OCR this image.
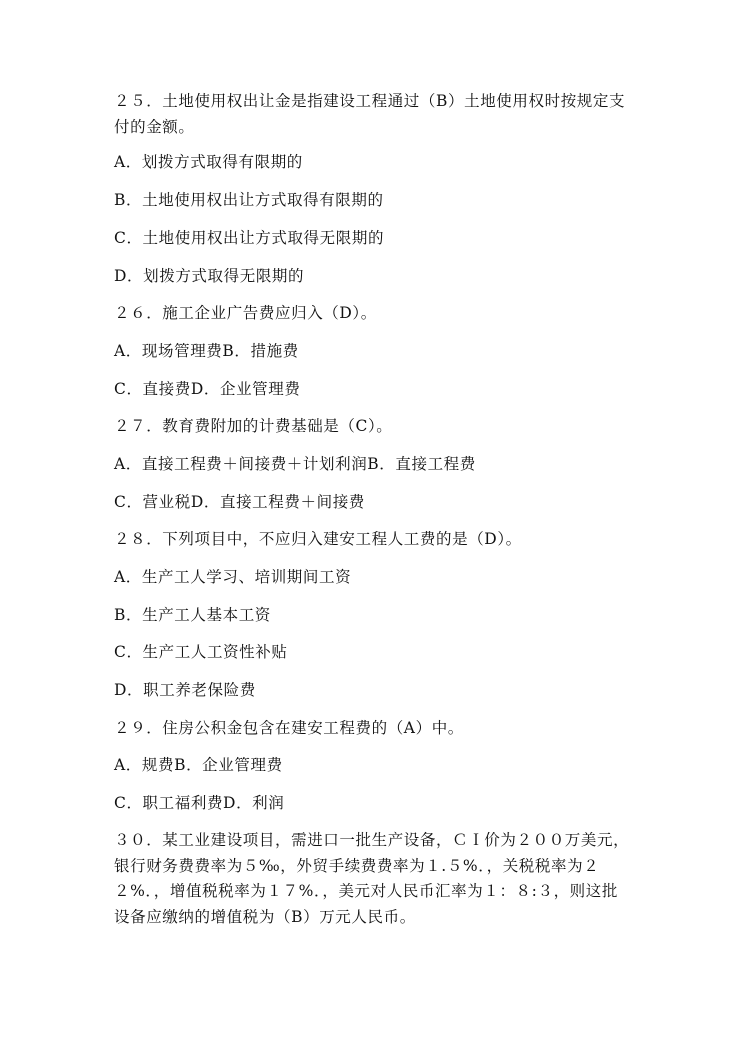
２５．土地使用权出让金是指建设工程通过（B）土地使用权时按规定支付的金额。
A．划拨方式取得有限期的
B．土地使用权出让方式取得有限期的
C．土地使用权出让方式取得无限期的
D．划拨方式取得无限期的
２６．施工企业广告费应归入（D）。
A．现场管理费B．措施费
C．直接费D．企业管理费
２７．教育费附加的计费基础是（C）。
A．直接工程费＋间接费＋计划利润B．直接工程费
C．营业税D．直接工程费＋间接费
２８．下列项目中，不应归入建安工程人工费的是（D）。
A．生产工人学习、培训期间工资
B．生产工人基本工资
C．生产工人工资性补贴
D．职工养老保险费
２９．住房公积金包含在建安工程费的（A）中。
A．规费B．企业管理费
C．职工福利费D．利润
３０．某工业建设项目，需进口一批生产设备，ＣＩ价为２００万美元，银行财务费费率为５‰，外贸手续费费率为１.５%．，关税税率为２２%．，增值税税率为１７%．，美元对人民币汇率为１：８:３，则这批设备应缴纳的增值税为（B）万元人民币。
